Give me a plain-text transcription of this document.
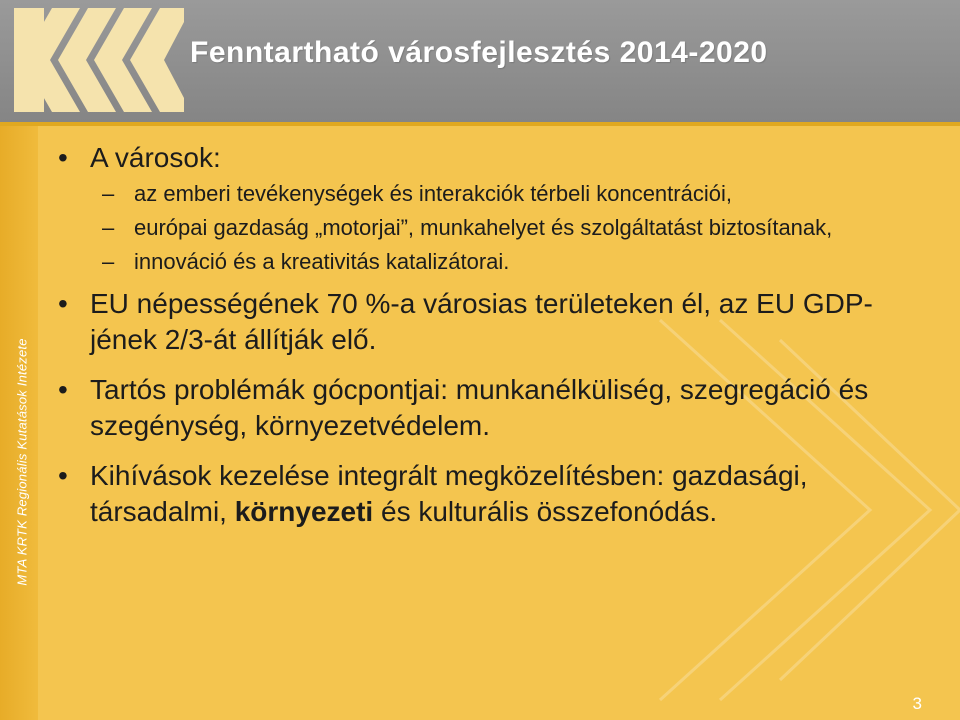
Fenntartható városfejlesztés 2014-2020
MTA KRTK Regionális Kutatások Intézete
• A városok:
– az emberi tevékenységek és interakciók térbeli koncentrációi,
– európai gazdaság „motorjai”, munkahelyet és szolgáltatást biztosítanak,
– innováció és a kreativitás katalizátorai.
• EU népességének 70 %-a városias területeken él, az EU GDP-jének 2/3-át állítják elő.
• Tartós problémák gócpontjai: munkanélküliség, szegregáció és szegénység, környezetvédelem.
• Kihívások kezelése integrált megközelítésben: gazdasági, társadalmi, környezeti és kulturális összefonódás.
3
